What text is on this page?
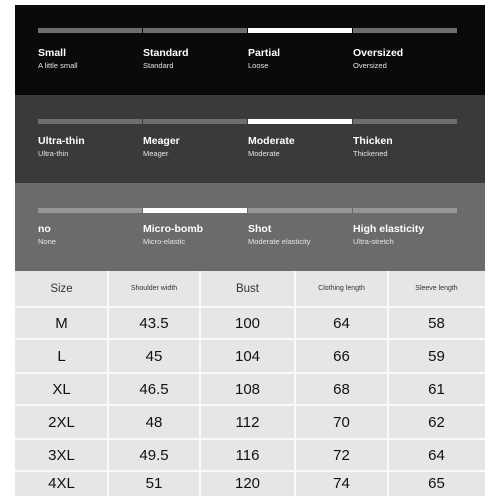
Small
A little small
Standard
Standard
Partial
Loose
Oversized
Oversized
Ultra-thin
Ultra-thin
Meager
Meager
Moderate
Moderate
Thicken
Thickened
no
None
Micro-bomb
Micro-elastic
Shot
Moderate elasticity
High elasticity
Ultra-stretch
Size	Shoulder width	Bust	Clothing length	Sleeve length
M	43.5	100	64	58
L	45	104	66	59
XL	46.5	108	68	61
2XL	48	112	70	62
3XL	49.5	116	72	64
4XL	51	120	74	65
